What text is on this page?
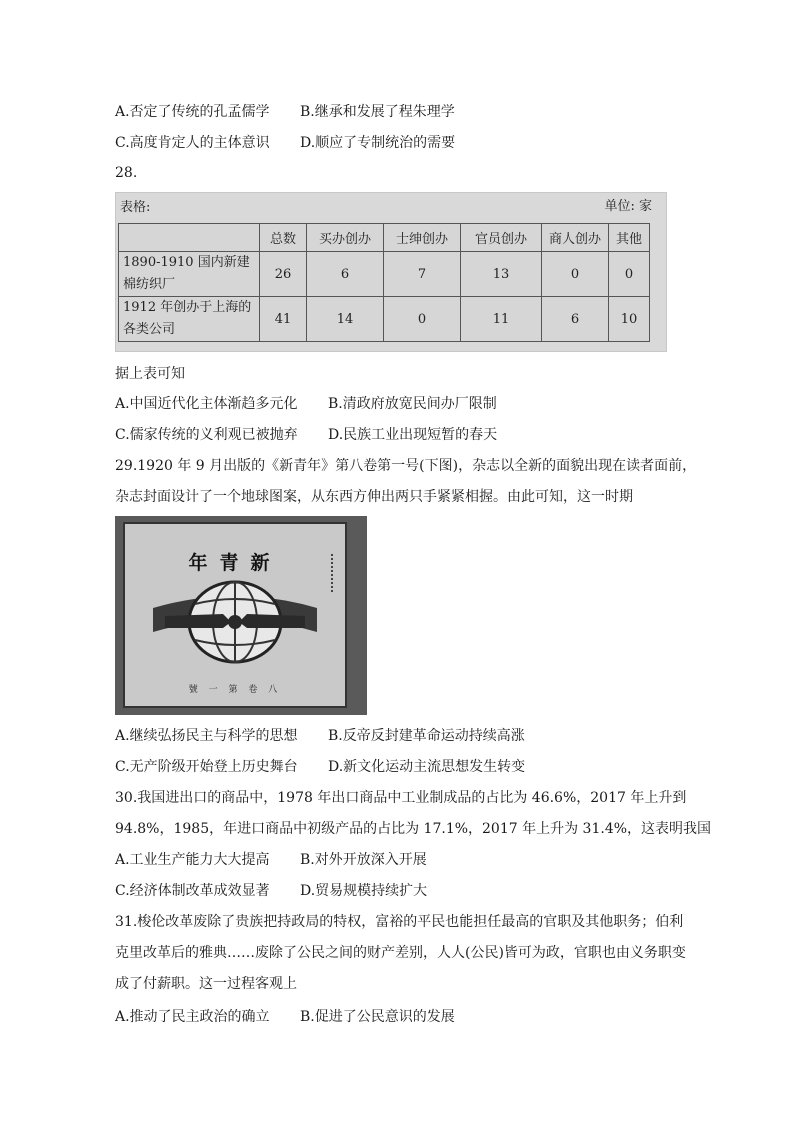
A.否定了传统的孔孟儒学 B.继承和发展了程朱理学
C.高度肯定人的主体意识 D.顺应了专制统治的需要
28.
表格:	单位: 家
	总数	买办创办	士绅创办	官员创办	商人创办	其他

1890-1910 国内新建
棉纺织厂	26	6	7	13	0	0

1912 年创办于上海的
各类公司	41	14	0	11	6	10
据上表可知
A.中国近代化主体渐趋多元化 B.清政府放宽民间办厂限制
C.儒家传统的义利观已被抛弃 D.民族工业出现短暂的春天
29.1920 年 9 月出版的《新青年》第八卷第一号(下图)，杂志以全新的面貌出现在读者面前，
杂志封面设计了一个地球图案，从东西方伸出两只手紧紧相握。由此可知，这一时期
年青新
號 一 第 卷 八
A.继续弘扬民主与科学的思想 B.反帝反封建革命运动持续高涨
C.无产阶级开始登上历史舞台 D.新文化运动主流思想发生转变
30.我国进出口的商品中，1978 年出口商品中工业制成品的占比为 46.6%，2017 年上升到
94.8%，1985，年进口商品中初级产品的占比为 17.1%，2017 年上升为 31.4%，这表明我国
A.工业生产能力大大提高 B.对外开放深入开展
C.经济体制改革成效显著 D.贸易规模持续扩大
31.梭伦改革废除了贵族把持政局的特权，富裕的平民也能担任最高的官职及其他职务；伯利
克里改革后的雅典……废除了公民之间的财产差别，人人(公民)皆可为政，官职也由义务职变
成了付薪职。这一过程客观上
A.推动了民主政治的确立 B.促进了公民意识的发展
